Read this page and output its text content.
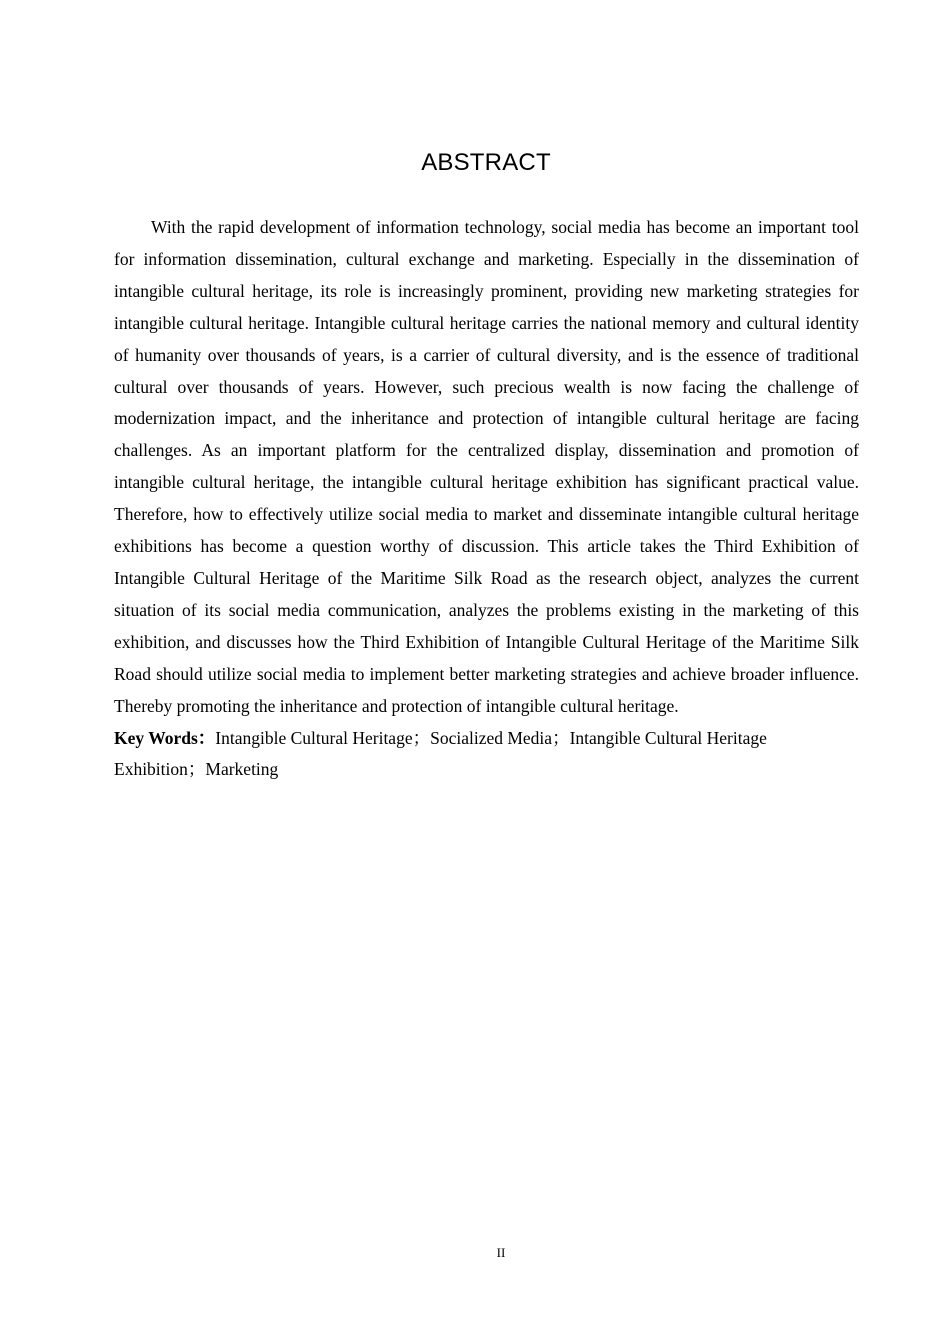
ABSTRACT

With the rapid development of information technology, social media has become an important tool for information dissemination, cultural exchange and marketing. Especially in the dissemination of intangible cultural heritage, its role is increasingly prominent, providing new marketing strategies for intangible cultural heritage. Intangible cultural heritage carries the national memory and cultural identity of humanity over thousands of years, is a carrier of cultural diversity, and is the essence of traditional cultural over thousands of years. However, such precious wealth is now facing the challenge of modernization impact, and the inheritance and protection of intangible cultural heritage are facing challenges. As an important platform for the centralized display, dissemination and promotion of intangible cultural heritage, the intangible cultural heritage exhibition has significant practical value. Therefore, how to effectively utilize social media to market and disseminate intangible cultural heritage exhibitions has become a question worthy of discussion. This article takes the Third Exhibition of Intangible Cultural Heritage of the Maritime Silk Road as the research object, analyzes the current situation of its social media communication, analyzes the problems existing in the marketing of this exhibition, and discusses how the Third Exhibition of Intangible Cultural Heritage of the Maritime Silk Road should utilize social media to implement better marketing strategies and achieve broader influence. Thereby promoting the inheritance and protection of intangible cultural heritage.

Key Words：Intangible Cultural Heritage；Socialized Media；Intangible Cultural Heritage Exhibition；Marketing

II
